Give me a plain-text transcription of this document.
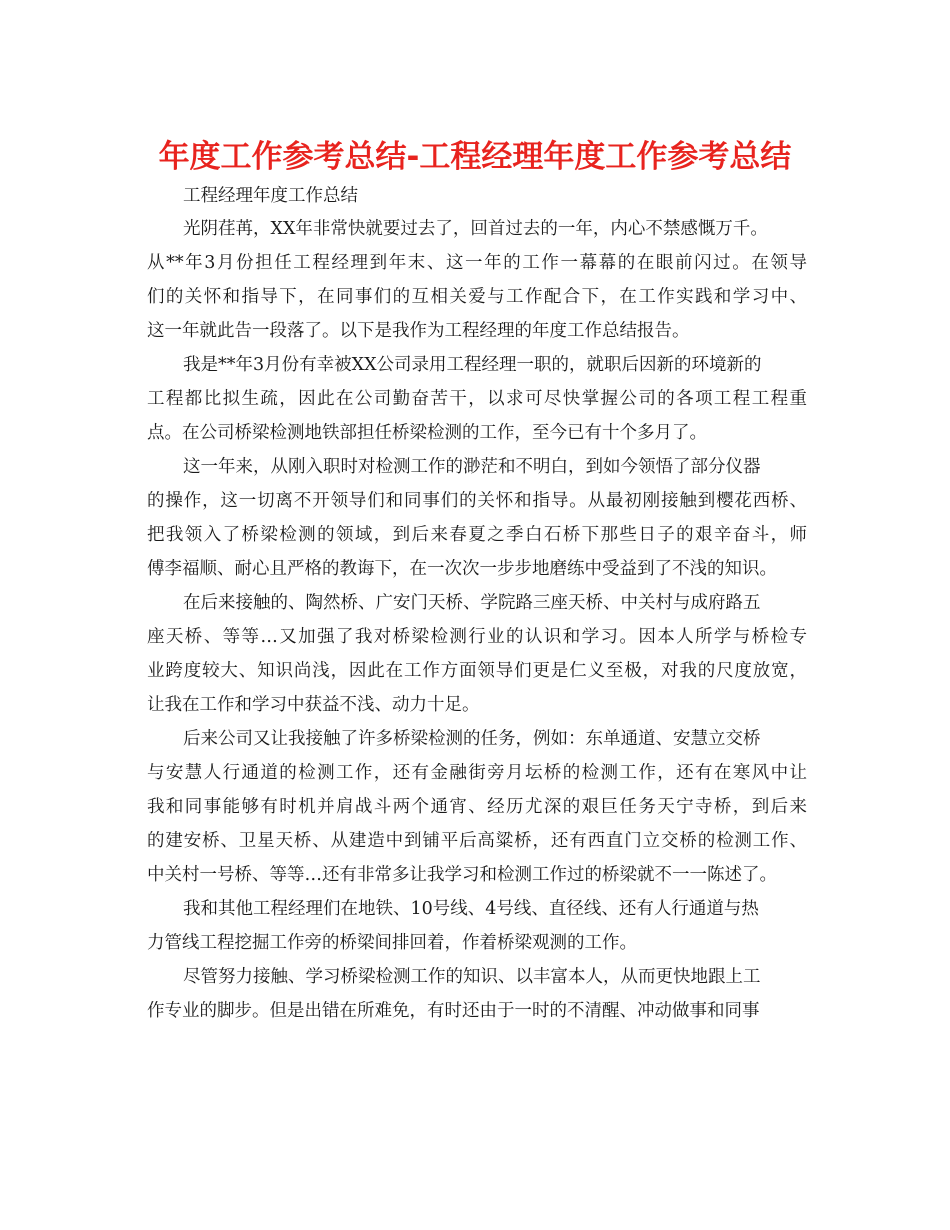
年度工作参考总结-工程经理年度工作参考总结

工程经理年度工作总结

光阴荏苒，XX年非常快就要过去了，回首过去的一年，内心不禁感慨万千。
从**年3月份担任工程经理到年末、这一年的工作一幕幕的在眼前闪过。在领导
们的关怀和指导下，在同事们的互相关爱与工作配合下，在工作实践和学习中、
这一年就此告一段落了。以下是我作为工程经理的年度工作总结报告。

我是**年3月份有幸被XX公司录用工程经理一职的，就职后因新的环境新的
工程都比拟生疏，因此在公司勤奋苦干，以求可尽快掌握公司的各项工程工程重
点。在公司桥梁检测地铁部担任桥梁检测的工作，至今已有十个多月了。

这一年来，从刚入职时对检测工作的渺茫和不明白，到如今领悟了部分仪器
的操作，这一切离不开领导们和同事们的关怀和指导。从最初刚接触到樱花西桥、
把我领入了桥梁检测的领域，到后来春夏之季白石桥下那些日子的艰辛奋斗，师
傅李福顺、耐心且严格的教诲下，在一次次一步步地磨练中受益到了不浅的知识。

在后来接触的、陶然桥、广安门天桥、学院路三座天桥、中关村与成府路五
座天桥、等等…又加强了我对桥梁检测行业的认识和学习。因本人所学与桥检专
业跨度较大、知识尚浅，因此在工作方面领导们更是仁义至极，对我的尺度放宽，
让我在工作和学习中获益不浅、动力十足。

后来公司又让我接触了许多桥梁检测的任务，例如：东单通道、安慧立交桥
与安慧人行通道的检测工作，还有金融街旁月坛桥的检测工作，还有在寒风中让
我和同事能够有时机并肩战斗两个通宵、经历尤深的艰巨任务天宁寺桥，到后来
的建安桥、卫星天桥、从建造中到铺平后高粱桥，还有西直门立交桥的检测工作、
中关村一号桥、等等…还有非常多让我学习和检测工作过的桥梁就不一一陈述了。

我和其他工程经理们在地铁、10号线、4号线、直径线、还有人行通道与热
力管线工程挖掘工作旁的桥梁间排回着，作着桥梁观测的工作。

尽管努力接触、学习桥梁检测工作的知识、以丰富本人，从而更快地跟上工
作专业的脚步。但是出错在所难免，有时还由于一时的不清醒、冲动做事和同事
